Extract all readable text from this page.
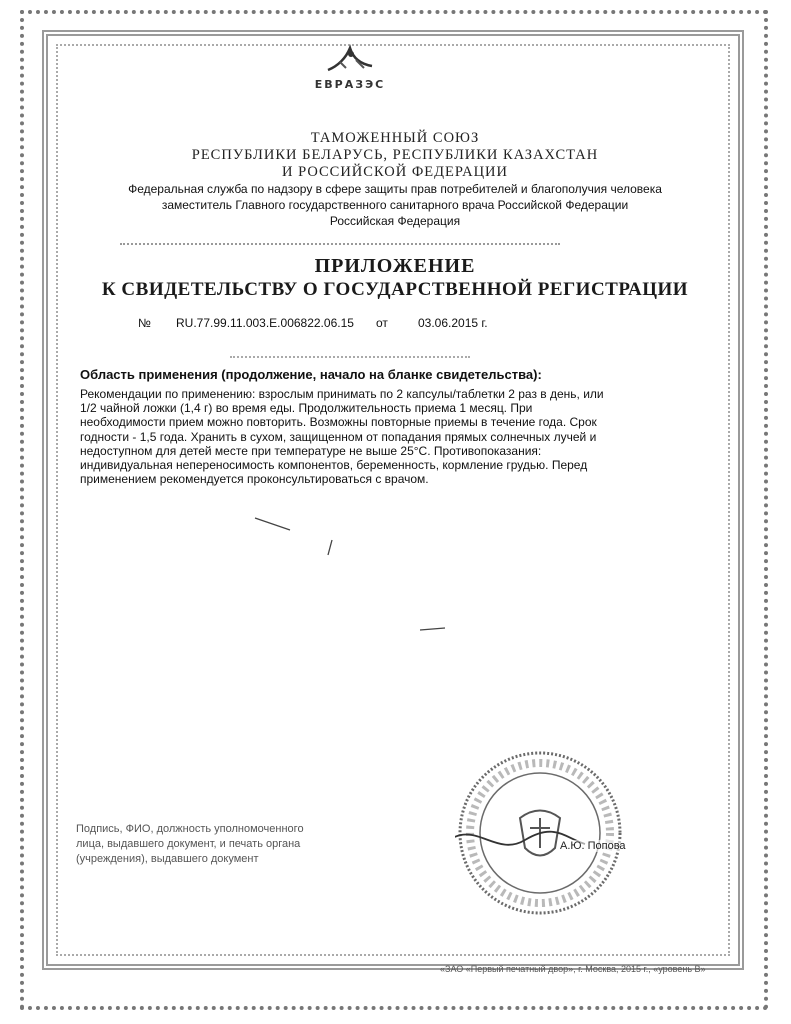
ЕВРАЗЭС
ТАМОЖЕННЫЙ СОЮЗ
РЕСПУБЛИКИ БЕЛАРУСЬ, РЕСПУБЛИКИ КАЗАХСТАН
И РОССИЙСКОЙ ФЕДЕРАЦИИ
Федеральная служба по надзору в сфере защиты прав потребителей и благополучия человека
заместитель Главного государственного санитарного врача Российской Федерации
Российская Федерация
ПРИЛОЖЕНИЕ
К СВИДЕТЕЛЬСТВУ О ГОСУДАРСТВЕННОЙ РЕГИСТРАЦИИ
№ RU.77.99.11.003.Е.006822.06.15 от	03.06.2015 г.
Область применения (продолжение, начало на бланке свидетельства):
Рекомендации по применению: взрослым принимать по 2 капсулы/таблетки 2 раз в день, или 1/2 чайной ложки (1,4 г) во время еды. Продолжительность приема 1 месяц. При необходимости прием можно повторить. Возможны повторные приемы в течение года. Срок годности - 1,5 года. Хранить в сухом, защищенном от попадания прямых солнечных лучей и недоступном для детей месте при температуре не выше 25°С. Противопоказания: индивидуальная непереносимость компонентов, беременность, кормление грудью. Перед применением рекомендуется проконсультироваться с врачом.
Подпись, ФИО, должность уполномоченного
лица, выдавшего документ, и печать органа
(учреждения), выдавшего документ
А.Ю. Попова
«ЗАО «Первый печатный двор», г. Москва, 2015 г., «уровень В»
